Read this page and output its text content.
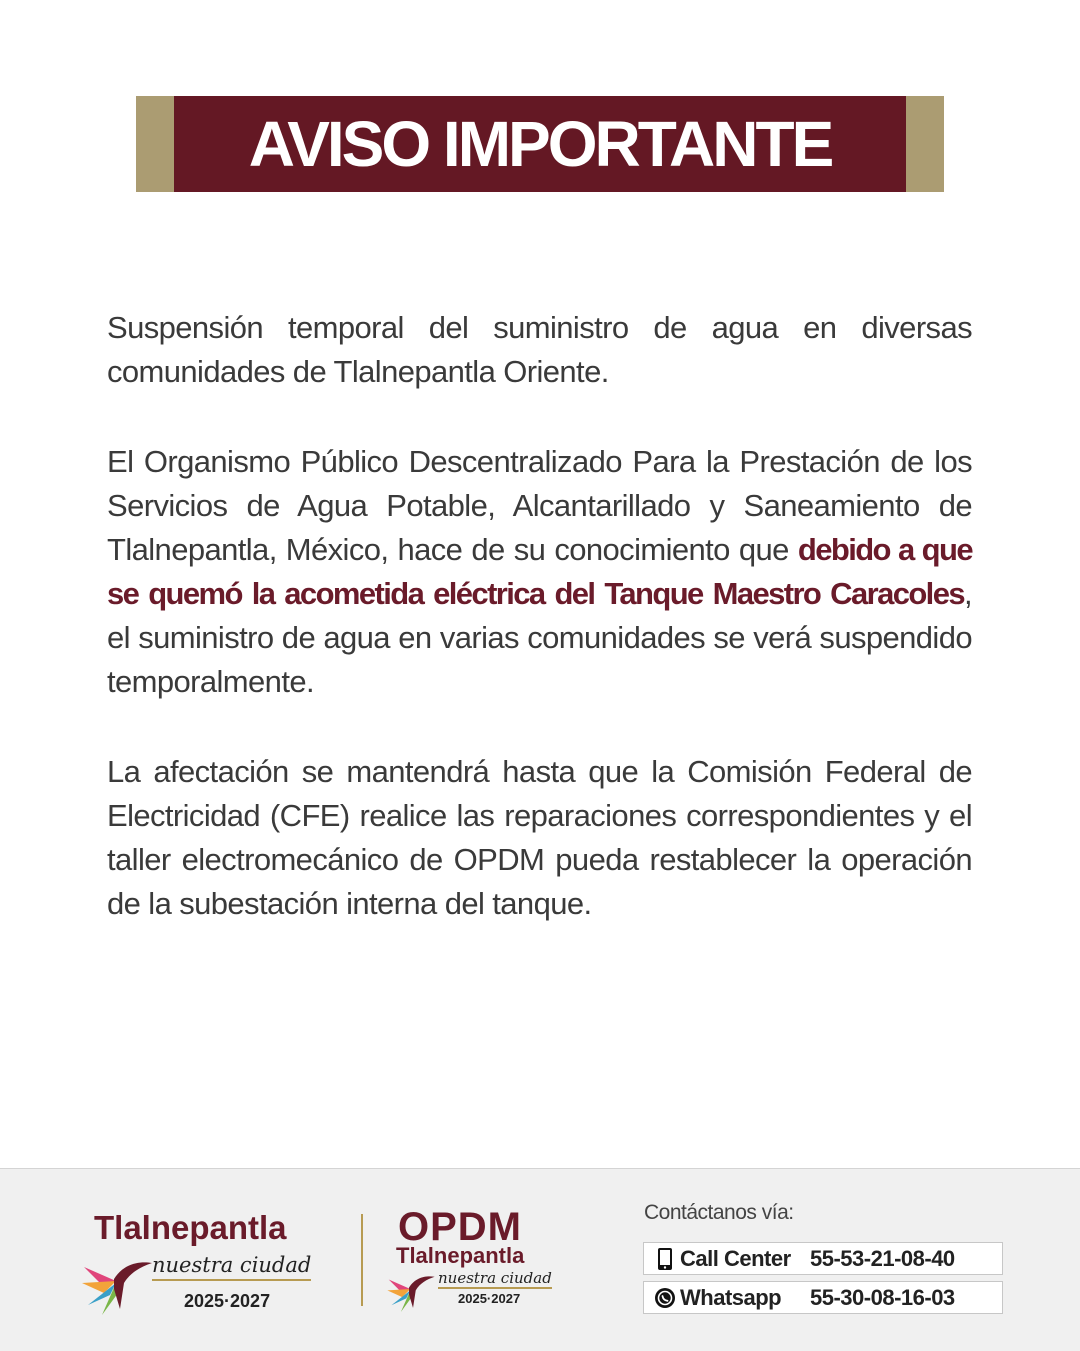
AVISO IMPORTANTE

Suspensión temporal del suministro de agua en diversas comunidades de Tlalnepantla Oriente.

El Organismo Público Descentralizado Para la Prestación de los Servicios de Agua Potable, Alcantarillado y Saneamiento de Tlalnepantla, México, hace de su conocimiento que debido a que se quemó la acometida eléctrica del Tanque Maestro Caracoles, el suministro de agua en varias comunidades se verá suspendido temporalmente.

La afectación se mantendrá hasta que la Comisión Federal de Electricidad (CFE) realice las reparaciones correspondientes y el taller electromecánico de OPDM pueda restablecer la operación de la subestación interna del tanque.

Tlalnepantla
nuestra ciudad
2025·2027
OPDM
Tlalnepantla
nuestra ciudad
2025·2027
Contáctanos vía:
Call Center 55-53-21-08-40
Whatsapp	55-30-08-16-03
